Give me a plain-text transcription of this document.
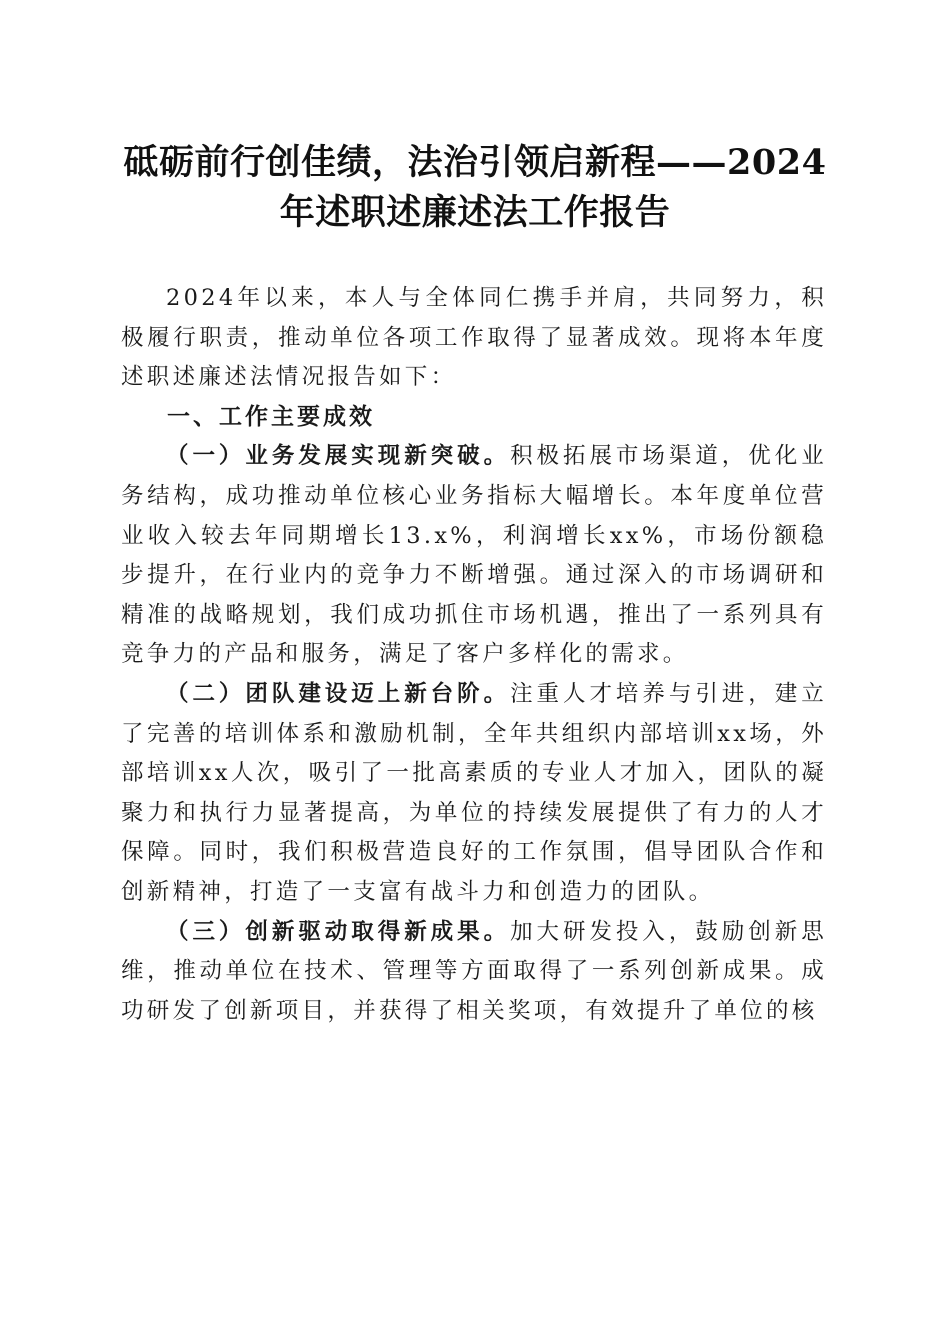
砥砺前行创佳绩，法治引领启新程——2024
年述职述廉述法工作报告

2024年以来，本人与全体同仁携手并肩，共同努力，积极履行职责，推动单位各项工作取得了显著成效。现将本年度述职述廉述法情况报告如下：

一、工作主要成效

（一）业务发展实现新突破。积极拓展市场渠道，优化业务结构，成功推动单位核心业务指标大幅增长。本年度单位营业收入较去年同期增长13.x%，利润增长xx%，市场份额稳步提升，在行业内的竞争力不断增强。通过深入的市场调研和精准的战略规划，我们成功抓住市场机遇，推出了一系列具有竞争力的产品和服务，满足了客户多样化的需求。

（二）团队建设迈上新台阶。注重人才培养与引进，建立了完善的培训体系和激励机制，全年共组织内部培训xx场，外部培训xx人次，吸引了一批高素质的专业人才加入，团队的凝聚力和执行力显著提高，为单位的持续发展提供了有力的人才保障。同时，我们积极营造良好的工作氛围，倡导团队合作和创新精神，打造了一支富有战斗力和创造力的团队。

（三）创新驱动取得新成果。加大研发投入，鼓励创新思维，推动单位在技术、管理等方面取得了一系列创新成果。成功研发了创新项目，并获得了相关奖项，有效提升了单位的核
